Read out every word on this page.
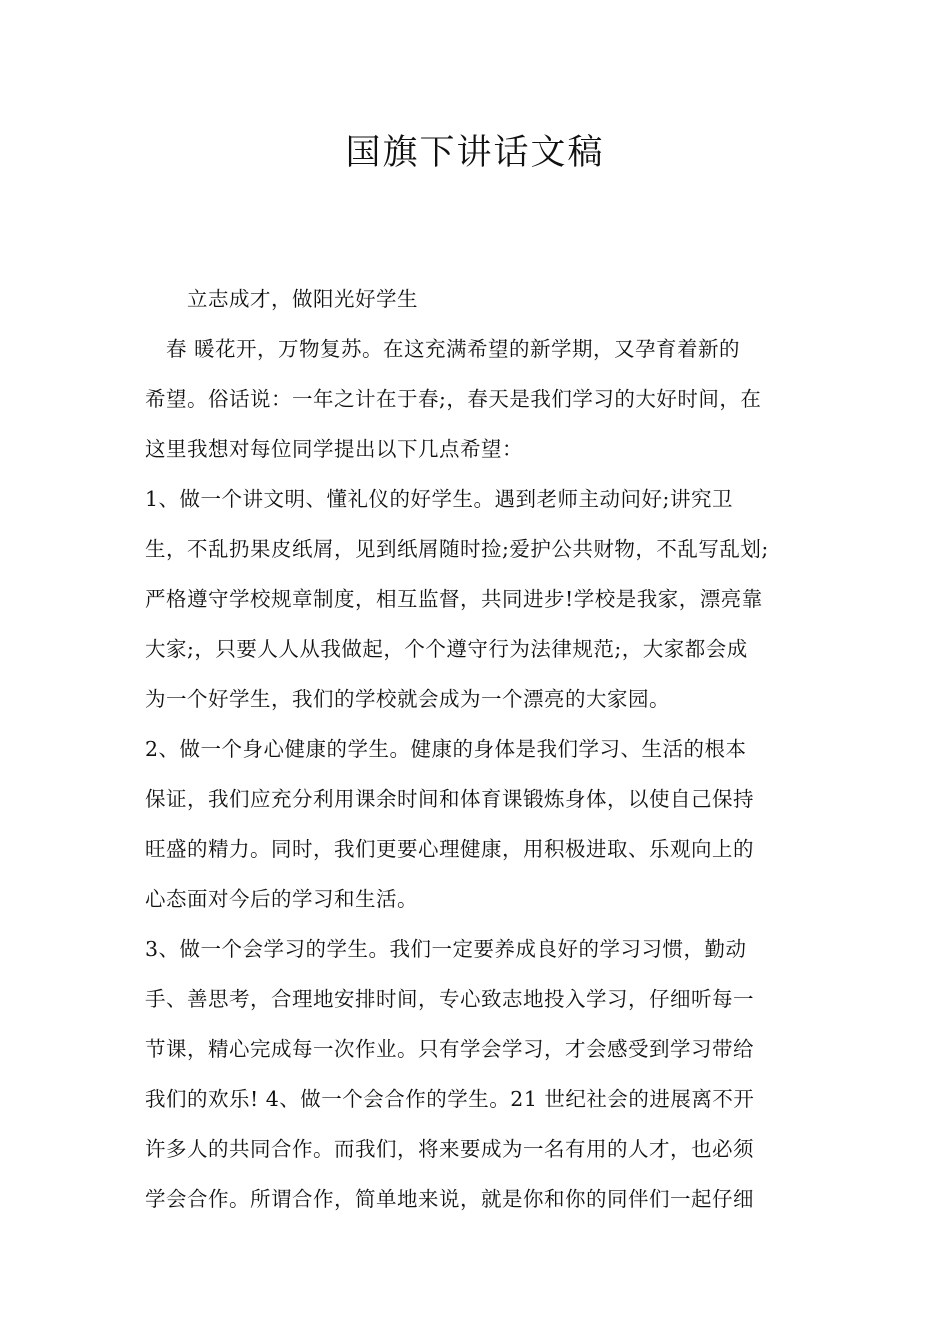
国旗下讲话文稿
　　立志成才，做阳光好学生
　春 暖花开，万物复苏。在这充满希望的新学期，又孕育着新的
希望。俗话说：一年之计在于春;，春天是我们学习的大好时间，在
这里我想对每位同学提出以下几点希望：
1、做一个讲文明、懂礼仪的好学生。遇到老师主动问好;讲究卫
生，不乱扔果皮纸屑，见到纸屑随时捡;爱护公共财物，不乱写乱划;
严格遵守学校规章制度，相互监督，共同进步!学校是我家，漂亮靠
大家;，只要人人从我做起，个个遵守行为法律规范;，大家都会成
为一个好学生，我们的学校就会成为一个漂亮的大家园。
2、做一个身心健康的学生。健康的身体是我们学习、生活的根本
保证，我们应充分利用课余时间和体育课锻炼身体，以使自己保持
旺盛的精力。同时，我们更要心理健康，用积极进取、乐观向上的
心态面对今后的学习和生活。
3、做一个会学习的学生。我们一定要养成良好的学习习惯，勤动
手、善思考，合理地安排时间，专心致志地投入学习，仔细听每一
节课，精心完成每一次作业。只有学会学习，才会感受到学习带给
我们的欢乐! 4、做一个会合作的学生。21 世纪社会的进展离不开
许多人的共同合作。而我们，将来要成为一名有用的人才，也必须
学会合作。所谓合作，简单地来说，就是你和你的同伴们一起仔细
